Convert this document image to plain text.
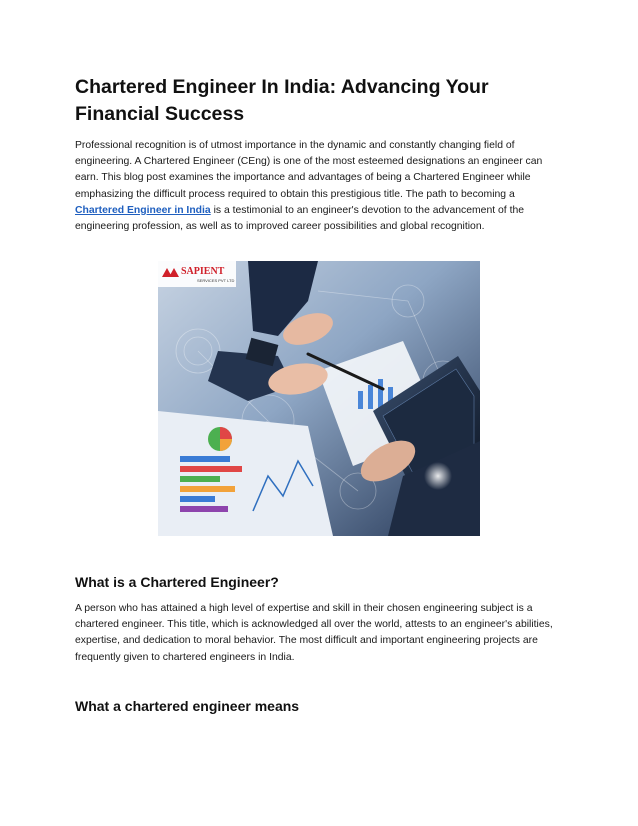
Chartered Engineer In India: Advancing Your Financial Success

Professional recognition is of utmost importance in the dynamic and constantly changing field of engineering. A Chartered Engineer (CEng) is one of the most esteemed designations an engineer can earn. This blog post examines the importance and advantages of being a Chartered Engineer while emphasizing the difficult process required to obtain this prestigious title. The path to becoming a Chartered Engineer in India is a testimonial to an engineer's devotion to the advancement of the engineering profession, as well as to improved career possibilities and global recognition.

SAPIENT
SERVICES PVT LTD
What is a Chartered Engineer?

A person who has attained a high level of expertise and skill in their chosen engineering subject is a chartered engineer. This title, which is acknowledged all over the world, attests to an engineer's abilities, expertise, and dedication to moral behavior. The most difficult and important engineering projects are frequently given to chartered engineers in India.

What a chartered engineer means
